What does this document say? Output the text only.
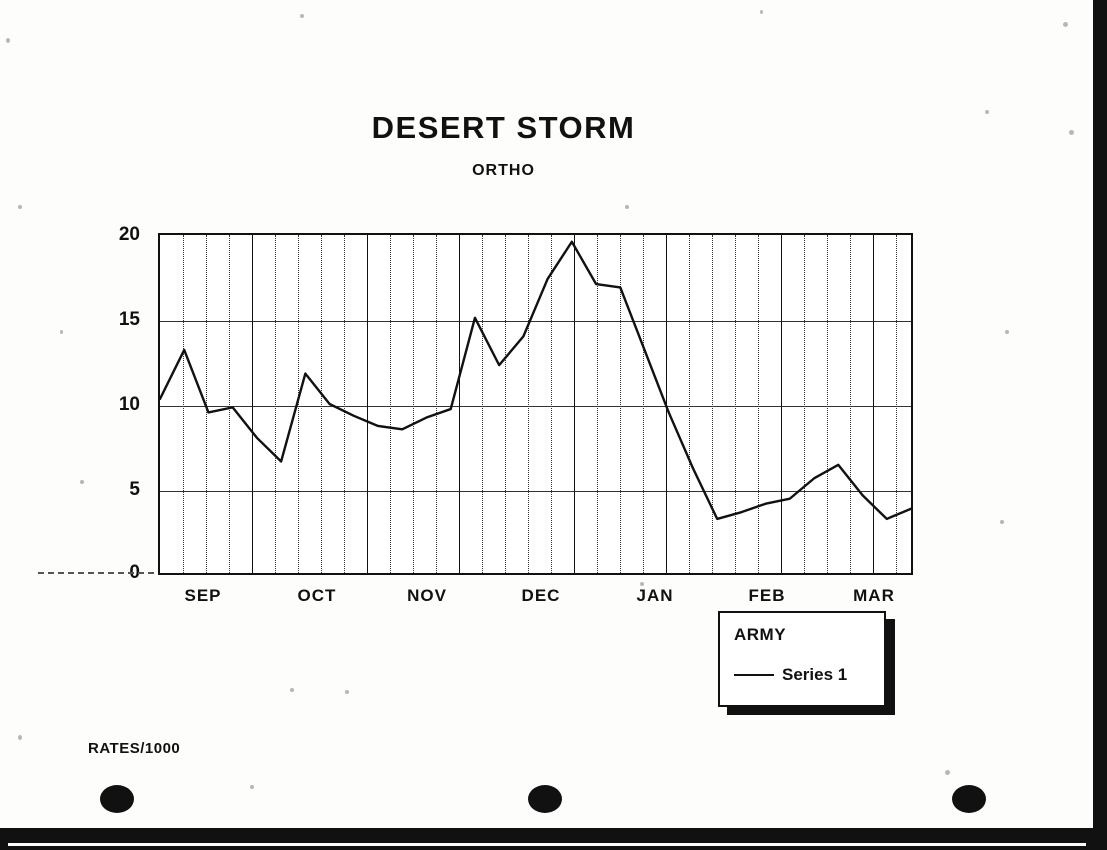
DESERT STORM
ORTHO
20
15
10
5
0
SEP	OCT	NOV	DEC	JAN	FEB	MAR
ARMY
Series 1
RATES/1000
